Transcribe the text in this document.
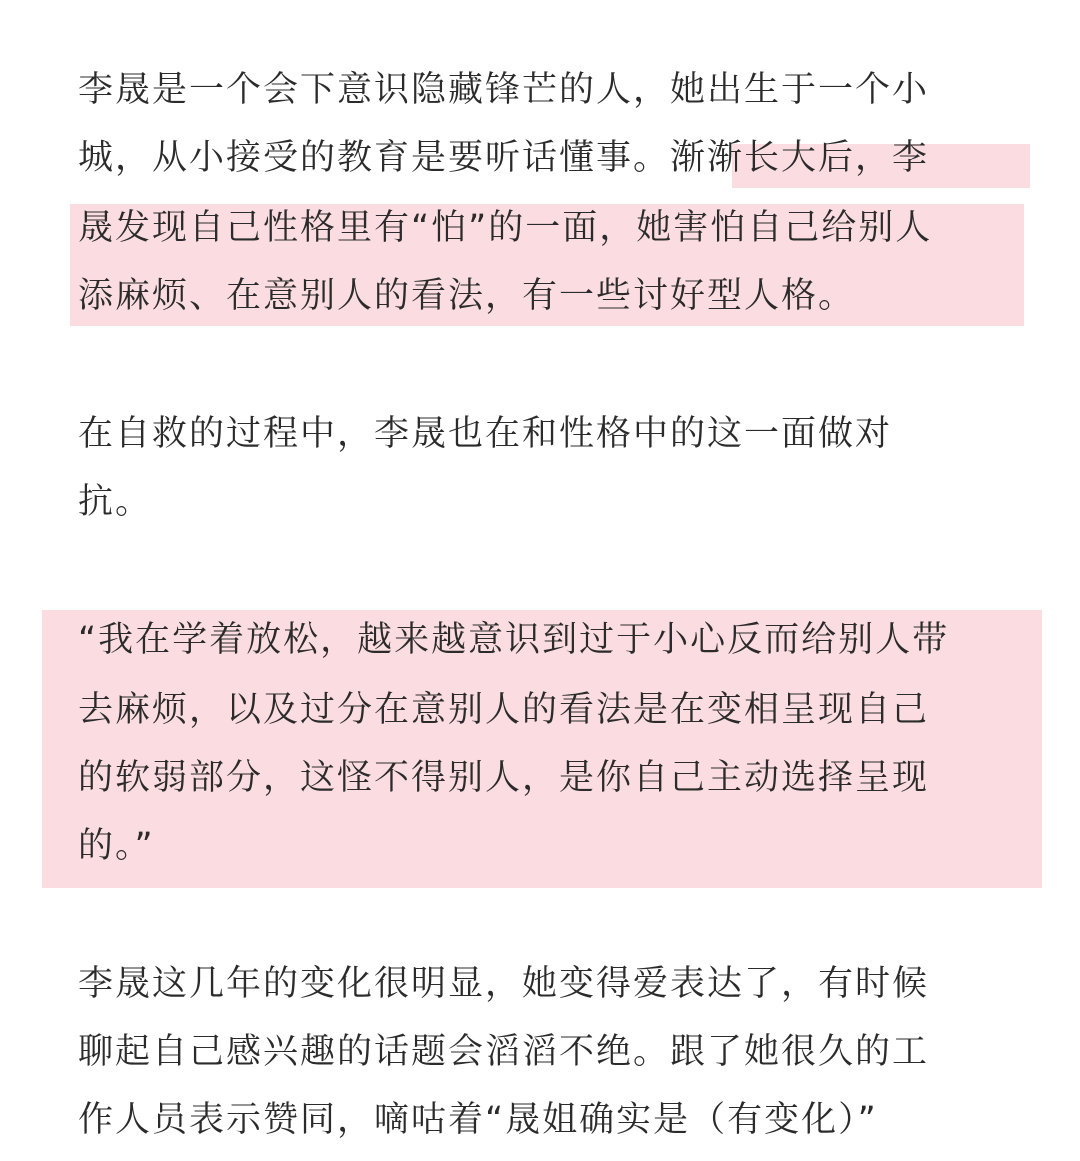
李晟是一个会下意识隐藏锋芒的人，她出生于一个小
城，从小接受的教育是要听话懂事。渐渐长大后，李
晟发现自己性格里有“怕”的一面，她害怕自己给别人
添麻烦、在意别人的看法，有一些讨好型人格。
在自救的过程中，李晟也在和性格中的这一面做对
抗。
“我在学着放松，越来越意识到过于小心反而给别人带
去麻烦，以及过分在意别人的看法是在变相呈现自己
的软弱部分，这怪不得别人，是你自己主动选择呈现
的。”
李晟这几年的变化很明显，她变得爱表达了，有时候
聊起自己感兴趣的话题会滔滔不绝。跟了她很久的工
作人员表示赞同，嘀咕着“晟姐确实是（有变化）”
